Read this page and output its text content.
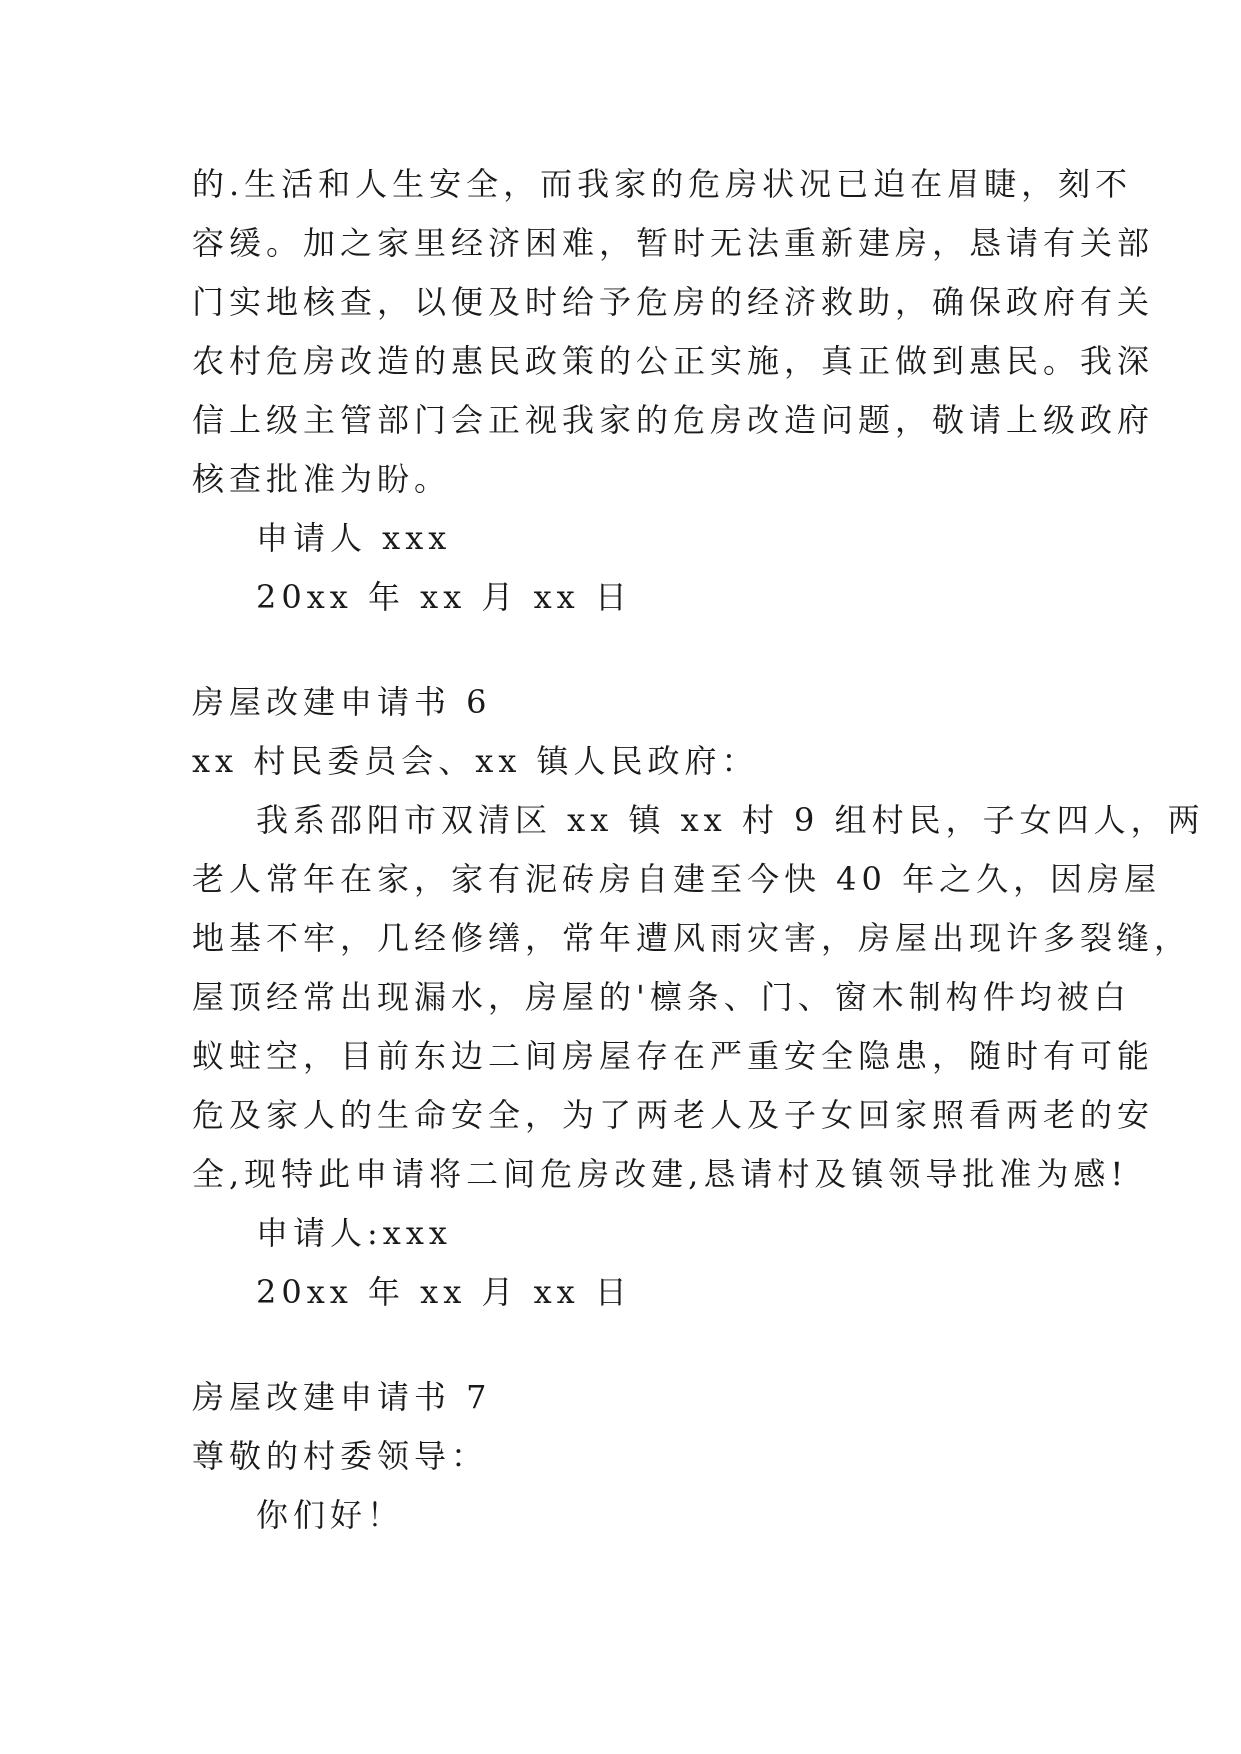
的.生活和人生安全，而我家的危房状况已迫在眉睫，刻不
容缓。加之家里经济困难，暂时无法重新建房，恳请有关部
门实地核查，以便及时给予危房的经济救助，确保政府有关
农村危房改造的惠民政策的公正实施，真正做到惠民。我深
信上级主管部门会正视我家的危房改造问题，敬请上级政府
核查批准为盼。
申请人 xxx
20xx 年 xx 月 xx 日
房屋改建申请书 6
xx 村民委员会、xx 镇人民政府：
我系邵阳市双清区 xx 镇 xx 村 9 组村民，子女四人，两
老人常年在家，家有泥砖房自建至今快 40 年之久，因房屋
地基不牢，几经修缮，常年遭风雨灾害，房屋出现许多裂缝，
屋顶经常出现漏水，房屋的'檩条、门、窗木制构件均被白
蚁蛀空，目前东边二间房屋存在严重安全隐患，随时有可能
危及家人的生命安全，为了两老人及子女回家照看两老的安
全,现特此申请将二间危房改建,恳请村及镇领导批准为感!
申请人:xxx
20xx 年 xx 月 xx 日
房屋改建申请书 7
尊敬的村委领导：
你们好！
